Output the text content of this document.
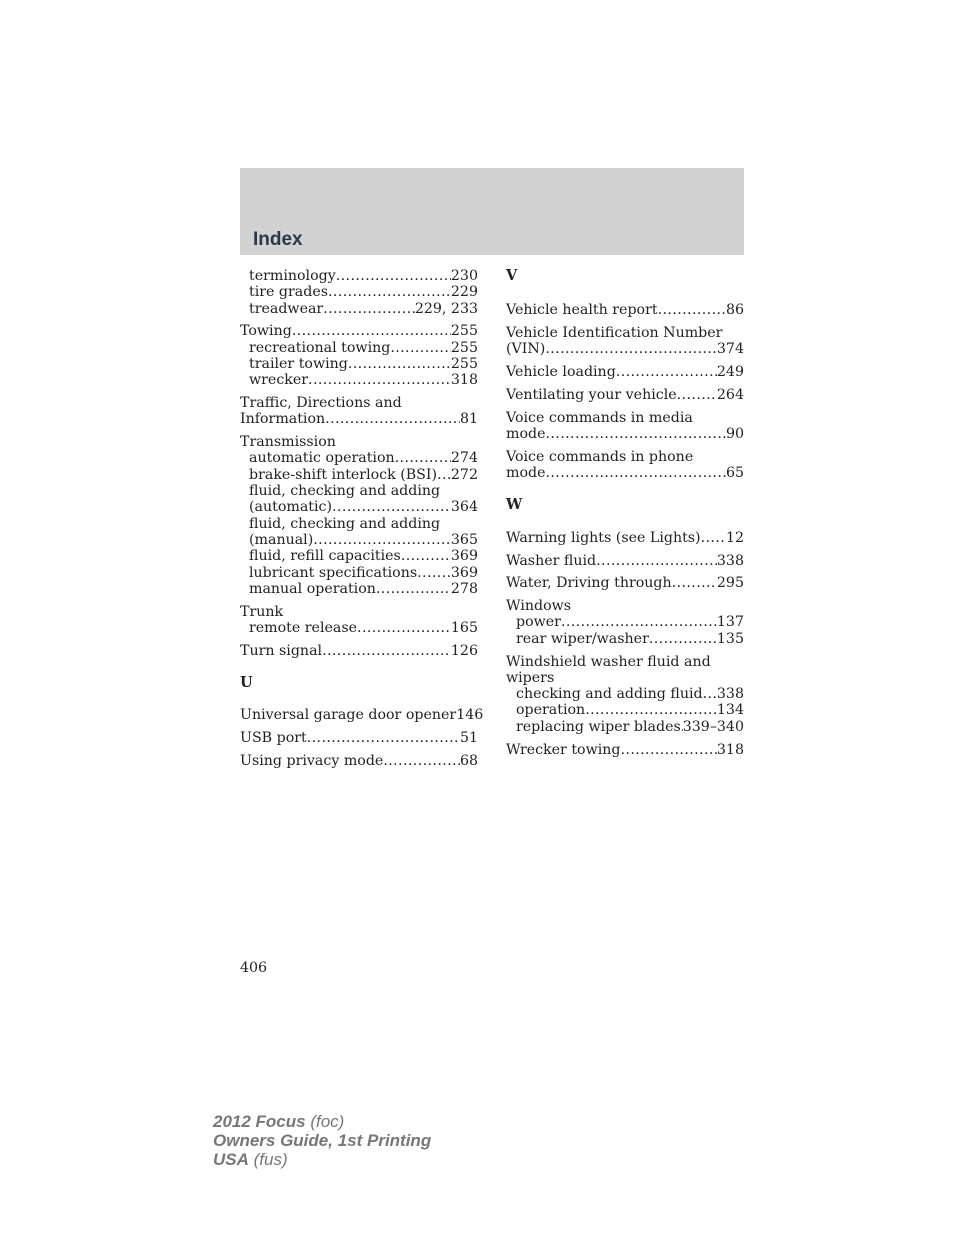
Index
terminology .....	230
tire grades .....	229
treadwear .....	229, 233
Towing .....	255
recreational towing .....	255
trailer towing .....	255
wrecker .....	318
Traffic, Directions and
Information .....	81
Transmission
automatic operation .....	274
brake-shift interlock (BSI) ..... 272
fluid, checking and adding
(automatic) .....	364
fluid, checking and adding
(manual) .....	365
fluid, refill capacities .....	369
lubricant specifications ..... 369
manual operation .....	278
Trunk
remote release .....	165
Turn signal .....	126
U
Universal garage door opener 146
USB port .....	51
Using privacy mode .....	68
V
Vehicle health report .....	86
Vehicle Identification Number
(VIN) .....	374
Vehicle loading .....	249
Ventilating your vehicle .....	264
Voice commands in media
mode .....	90
Voice commands in phone
mode .....	65
W
Warning lights (see Lights) ..... 12
Washer fluid .....	338
Water, Driving through .....	295
Windows
power .....	137
rear wiper/washer .....	135
Windshield washer fluid and
wipers
checking and adding fluid ..... 338
operation .....	134
replacing wiper blades ..... 339–340
Wrecker towing .....	318
406
2012 Focus (foc)
Owners Guide, 1st Printing
USA (fus)
